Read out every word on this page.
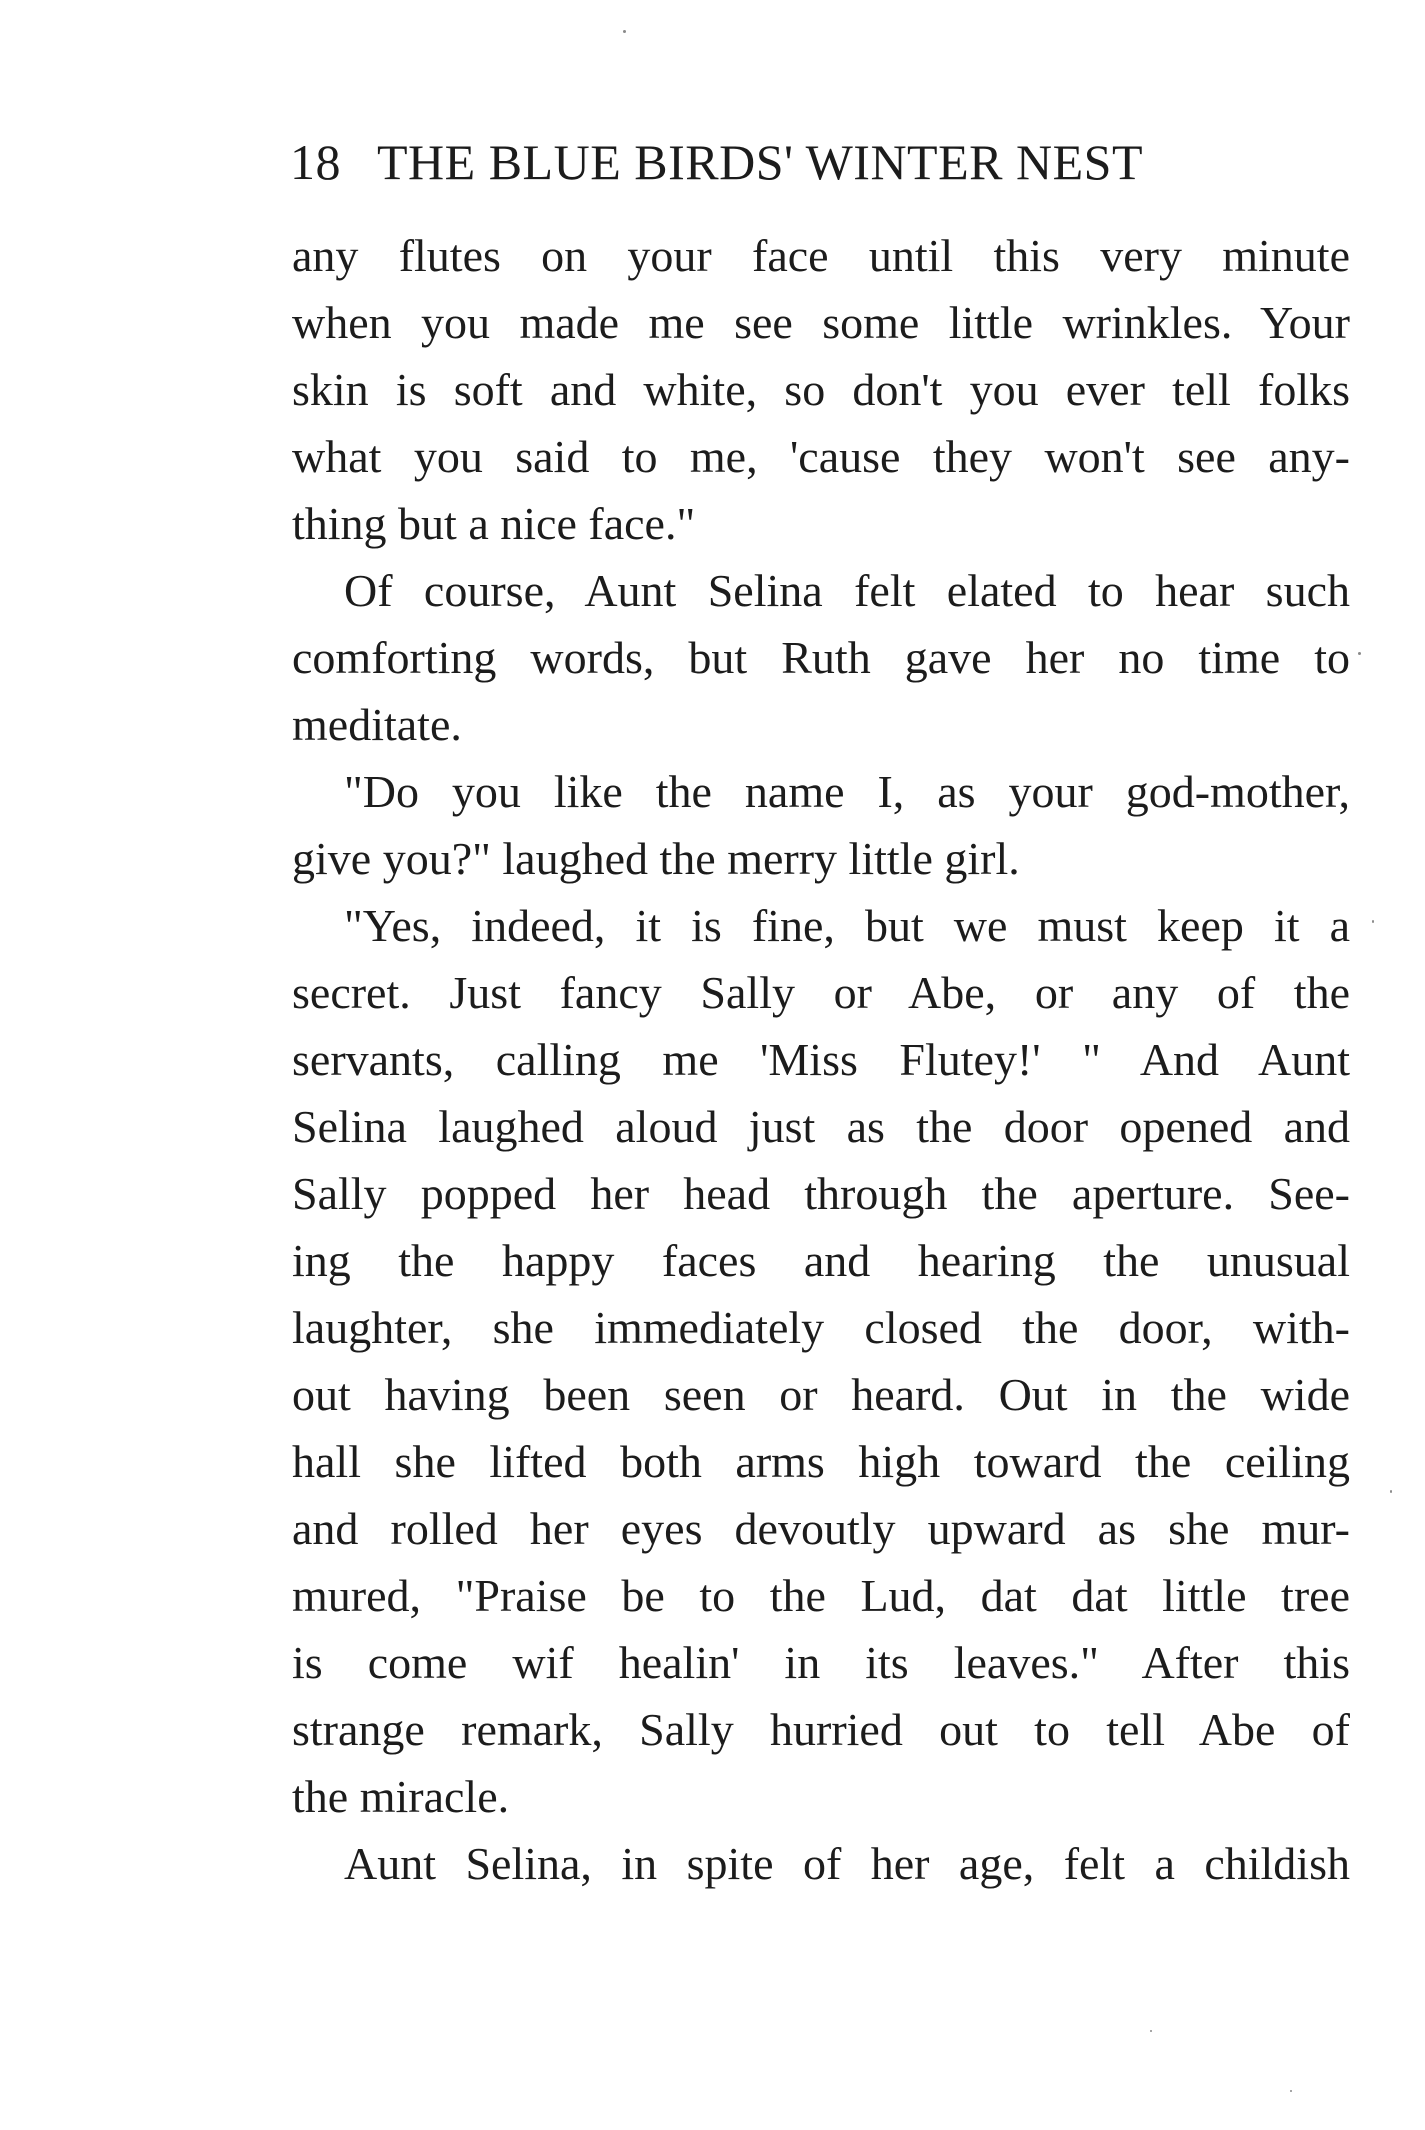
18 THE BLUE BIRDS' WINTER NEST
any flutes on your face until this very minute
when you made me see some little wrinkles. Your
skin is soft and white, so don't you ever tell folks
what you said to me, 'cause they won't see any-
thing but a nice face."
Of course, Aunt Selina felt elated to hear such
comforting words, but Ruth gave her no time to
meditate.
"Do you like the name I, as your god-mother,
give you?" laughed the merry little girl.
"Yes, indeed, it is fine, but we must keep it a
secret. Just fancy Sally or Abe, or any of the
servants, calling me 'Miss Flutey!' " And Aunt
Selina laughed aloud just as the door opened and
Sally popped her head through the aperture. See-
ing the happy faces and hearing the unusual
laughter, she immediately closed the door, with-
out having been seen or heard. Out in the wide
hall she lifted both arms high toward the ceiling
and rolled her eyes devoutly upward as she mur-
mured, "Praise be to the Lud, dat dat little tree
is come wif healin' in its leaves." After this
strange remark, Sally hurried out to tell Abe of
the miracle.
Aunt Selina, in spite of her age, felt a childish
